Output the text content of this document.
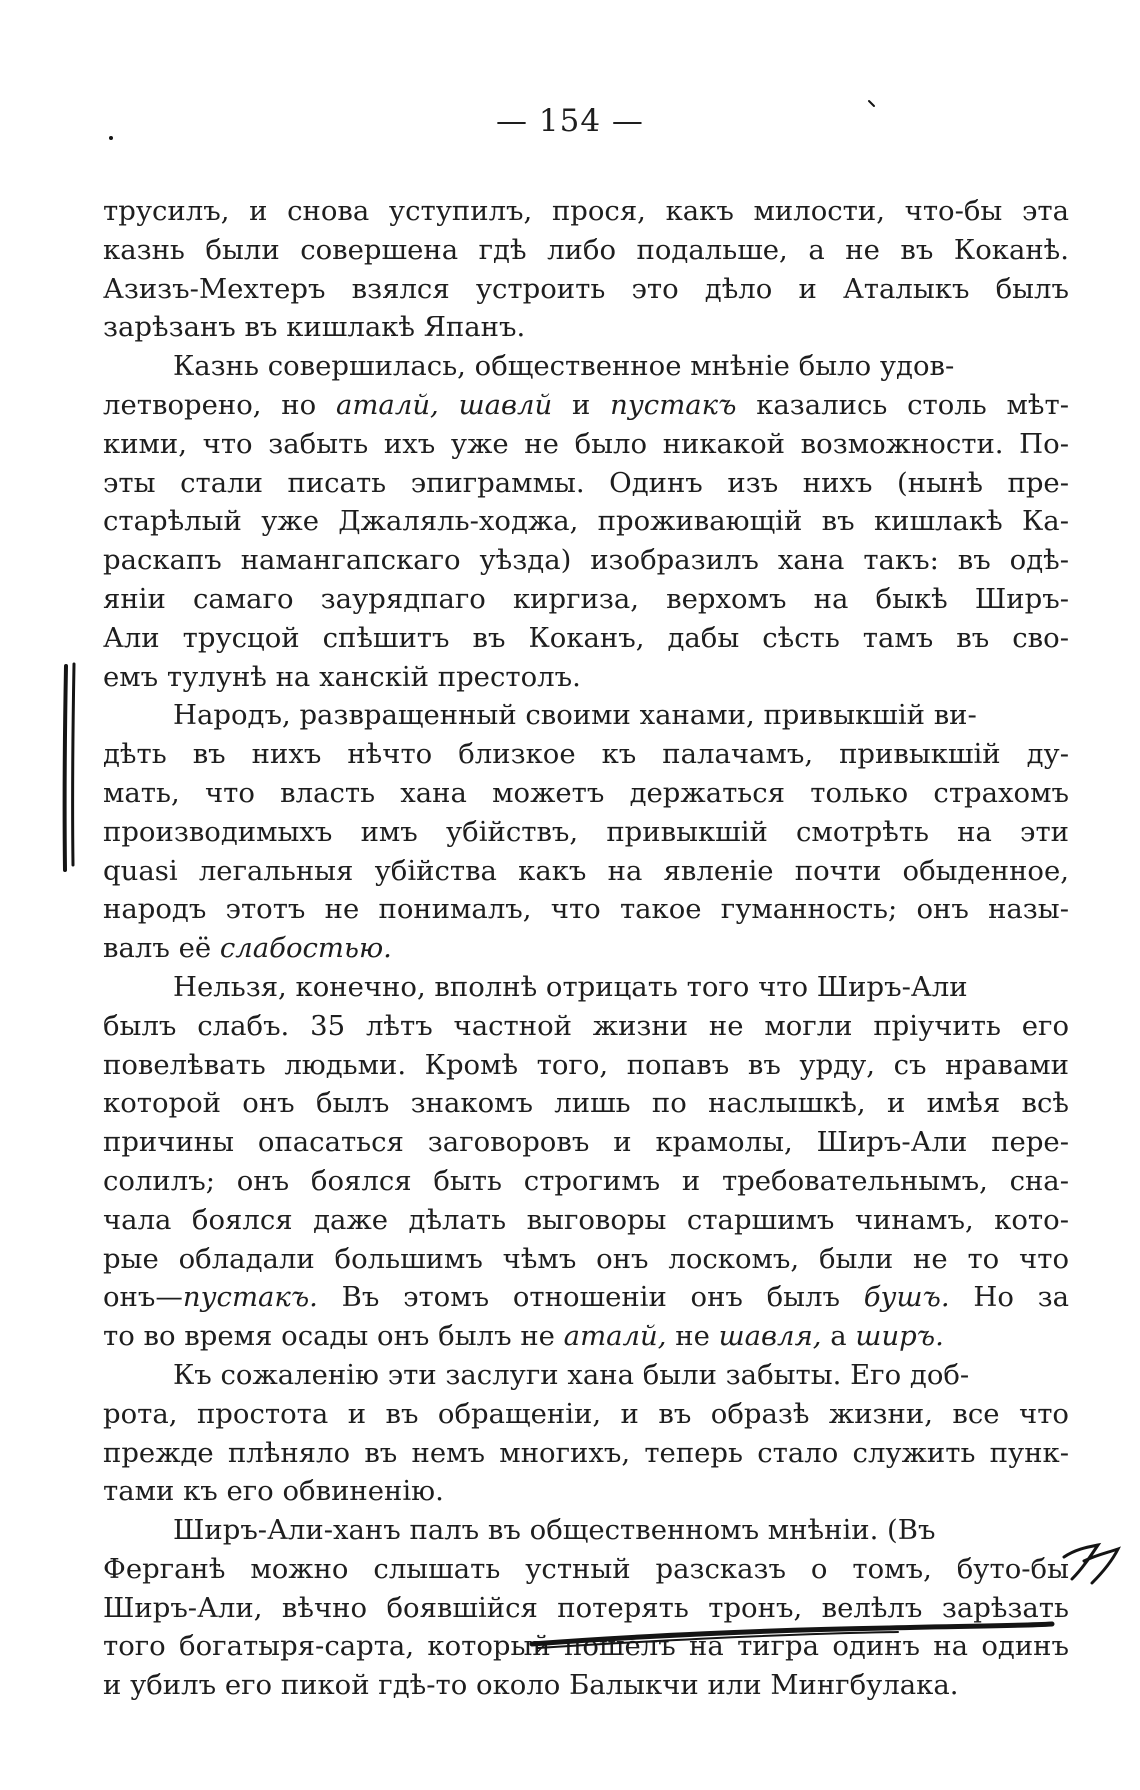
— 154 —
трусилъ, и снова уступилъ, прося, какъ милости, что-бы эта
казнь были совершена гдѣ либо подальше, а не въ Коканѣ.
Азизъ-Мехтеръ взялся устроить это дѣло и Аталыкъ былъ
зарѣзанъ въ кишлакѣ Япанъ.
Казнь совершилась, общественное мнѣніе было удов-
летворено, но аталй, шавлй и пустакъ казались столь мѣт-
кими, что забыть ихъ уже не было никакой возможности. По-
эты стали писать эпиграммы. Одинъ изъ нихъ (нынѣ пре-
старѣлый уже Джаляль-ходжа, проживающій въ кишлакѣ Ка-
раскапъ намангапскаго уѣзда) изобразилъ хана такъ: въ одѣ-
яніи самаго заурядпаго киргиза, верхомъ на быкѣ Ширъ-
Али трусцой спѣшитъ въ Коканъ, дабы сѣсть тамъ въ сво-
емъ тулунѣ на ханскій престолъ.
Народъ, развращенный своими ханами, привыкшій ви-
дѣть въ нихъ нѣчто близкое къ палачамъ, привыкшій ду-
мать, что власть хана можетъ держаться только страхомъ
производимыхъ имъ убійствъ, привыкшій смотрѣть на эти
quasi легальныя убійства какъ на явленіе почти обыденное,
народъ этотъ не понималъ, что такое гуманность; онъ назы-
валъ её слабостью.
Нельзя, конечно, вполнѣ отрицать того что Ширъ-Али
былъ слабъ. 35 лѣтъ частной жизни не могли пріучить его
повелѣвать людьми. Кромѣ того, попавъ въ урду, съ нравами
которой онъ былъ знакомъ лишь по наслышкѣ, и имѣя всѣ
причины опасаться заговоровъ и крамолы, Ширъ-Али пере-
солилъ; онъ боялся быть строгимъ и требовательнымъ, сна-
чала боялся даже дѣлать выговоры старшимъ чинамъ, кото-
рые обладали большимъ чѣмъ онъ лоскомъ, были не то что
онъ—пустакъ. Въ этомъ отношеніи онъ былъ бушъ. Но за
то во время осады онъ былъ не аталй, не шавля, а ширъ.
Къ сожаленію эти заслуги хана были забыты. Его доб-
рота, простота и въ обращеніи, и въ образѣ жизни, все что
прежде плѣняло въ немъ многихъ, теперь стало служить пунк-
тами къ его обвиненію.
Ширъ-Али-ханъ палъ въ общественномъ мнѣніи. (Въ
Ферганѣ можно слышать устный разсказъ о томъ, буто-бы
Ширъ-Али, вѣчно боявшійся потерять тронъ, велѣлъ зарѣзать
того богатыря-сарта, который пошелъ на тигра одинъ на одинъ
и убилъ его пикой гдѣ-то около Балыкчи или Мингбулака.
